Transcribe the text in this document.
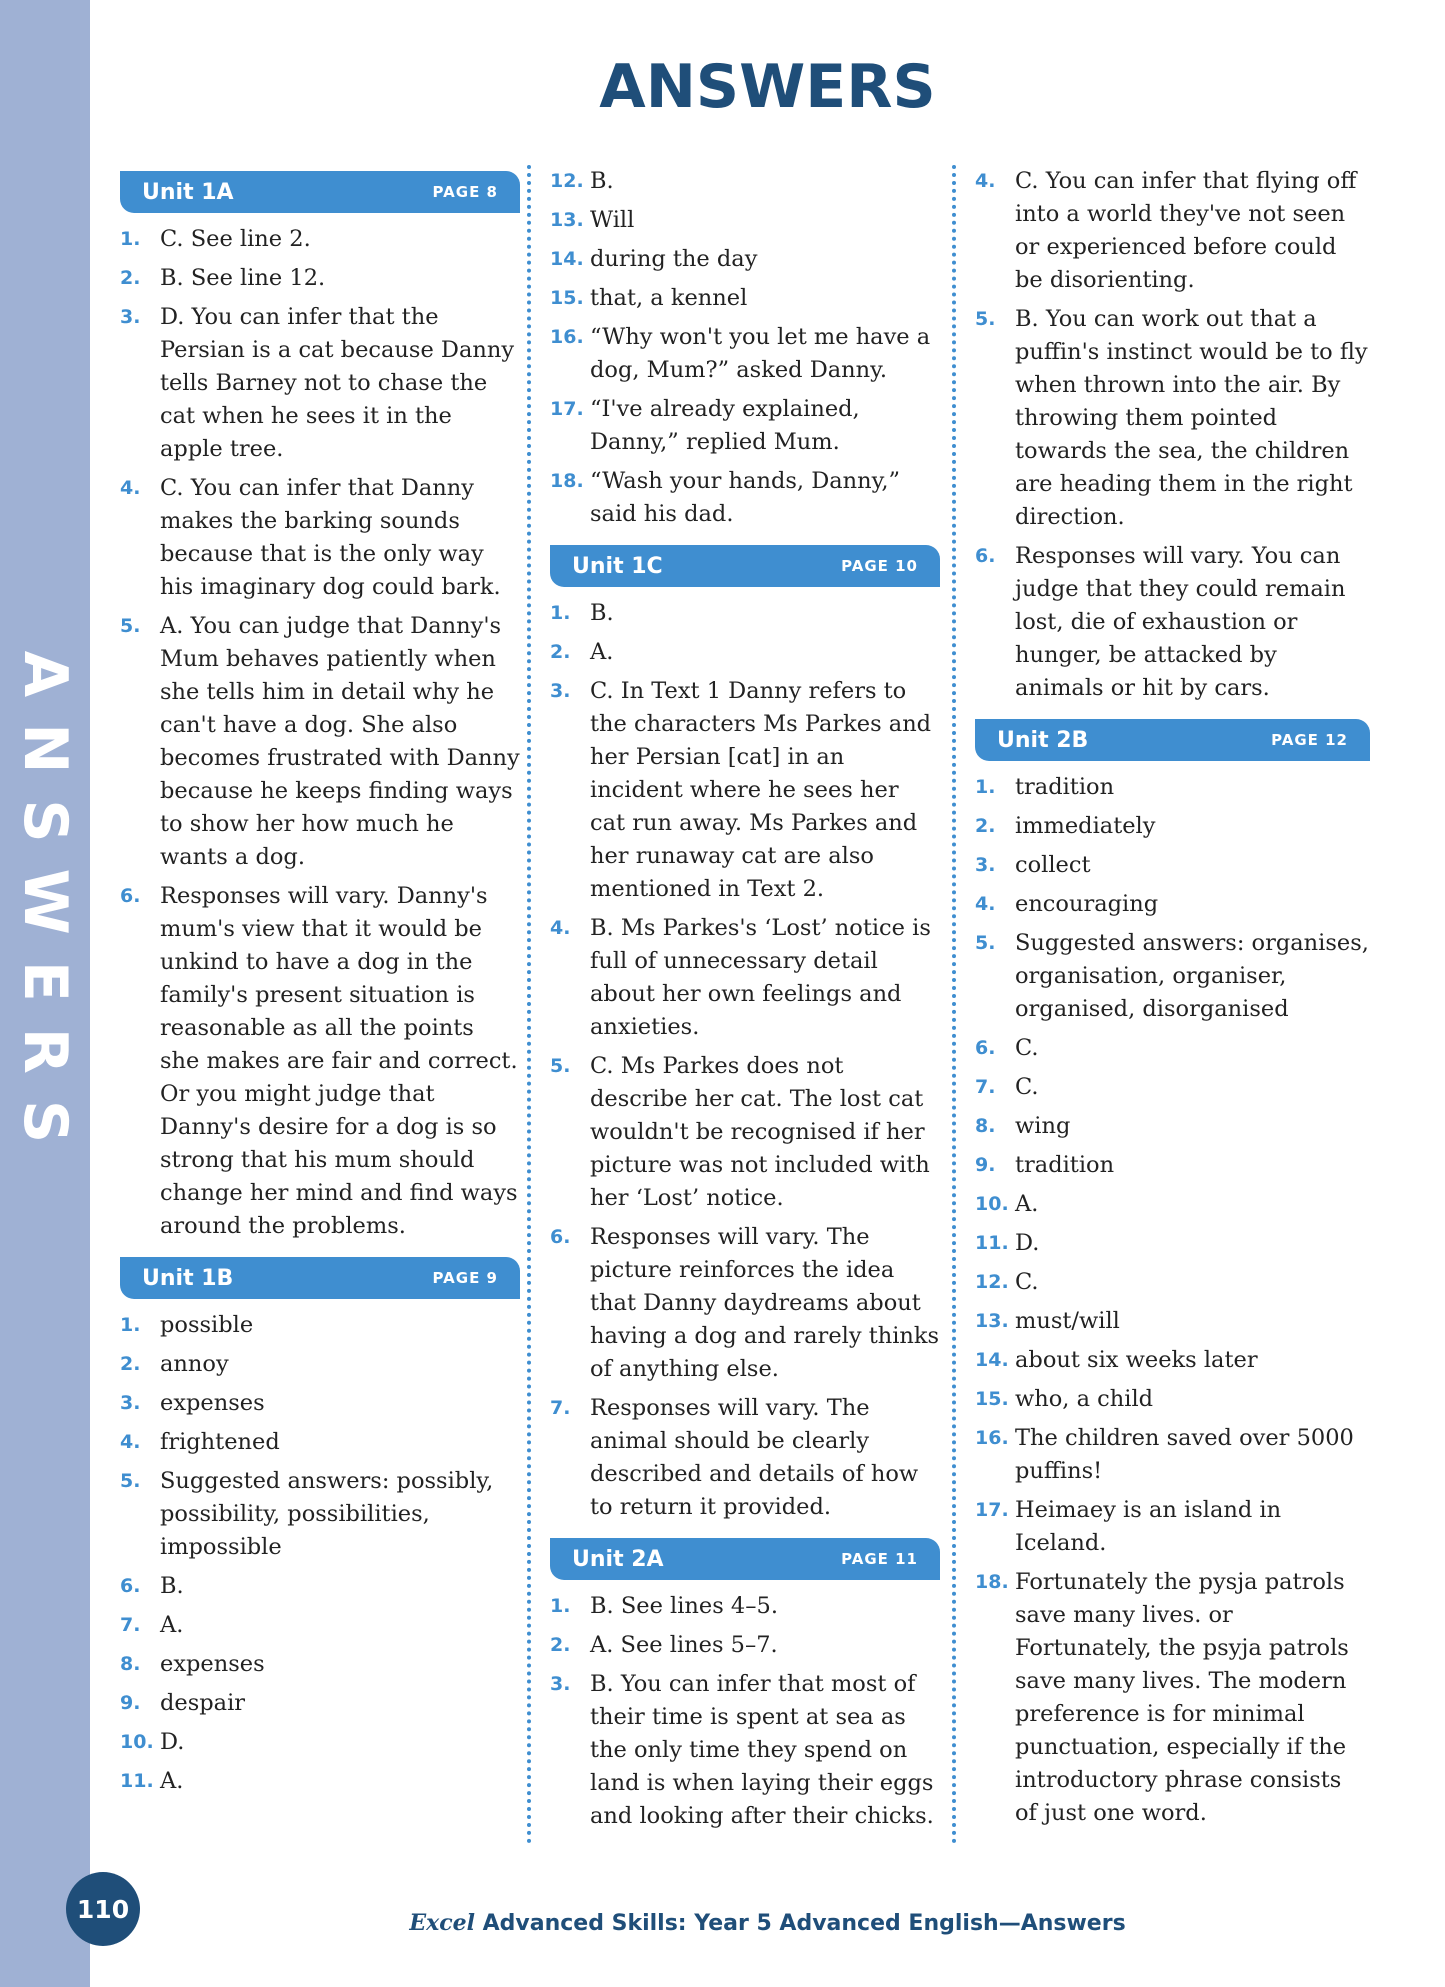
ANSWERS
ANSWERS
Unit 1A	PAGE 8
1. C. See line 2.
2. B. See line 12.
3. D. You can infer that the Persian is a cat because Danny tells Barney not to chase the cat when he sees it in the apple tree.
4. C. You can infer that Danny makes the barking sounds because that is the only way his imaginary dog could bark.
5. A. You can judge that Danny's Mum behaves patiently when she tells him in detail why he can't have a dog. She also becomes frustrated with Danny because he keeps finding ways to show her how much he wants a dog.
6. Responses will vary. Danny's mum's view that it would be unkind to have a dog in the family's present situation is reasonable as all the points she makes are fair and correct. Or you might judge that Danny's desire for a dog is so strong that his mum should change her mind and find ways around the problems.
Unit 1B	PAGE 9
1. possible
2. annoy
3. expenses
4. frightened
5. Suggested answers: possibly, possibility, possibilities, impossible
6. B.
7. A.
8. expenses
9. despair
10. D.
11. A.
12. B.
13. Will
14. during the day
15. that, a kennel
16. “Why won't you let me have a dog, Mum?” asked Danny.
17. “I've already explained, Danny,” replied Mum.
18. “Wash your hands, Danny,” said his dad.
Unit 1C	PAGE 10
1. B.
2. A.
3. C. In Text 1 Danny refers to the characters Ms Parkes and her Persian [cat] in an incident where he sees her cat run away. Ms Parkes and her runaway cat are also mentioned in Text 2.
4. B. Ms Parkes's ‘Lost’ notice is full of unnecessary detail about her own feelings and anxieties.
5. C. Ms Parkes does not describe her cat. The lost cat wouldn't be recognised if her picture was not included with her ‘Lost’ notice.
6. Responses will vary. The picture reinforces the idea that Danny daydreams about having a dog and rarely thinks of anything else.
7. Responses will vary. The animal should be clearly described and details of how to return it provided.
Unit 2A	PAGE 11
1. B. See lines 4–5.
2. A. See lines 5–7.
3. B. You can infer that most of their time is spent at sea as the only time they spend on land is when laying their eggs and looking after their chicks.
4. C. You can infer that flying off into a world they've not seen or experienced before could be disorienting.
5. B. You can work out that a puffin's instinct would be to fly when thrown into the air. By throwing them pointed towards the sea, the children are heading them in the right direction.
6. Responses will vary. You can judge that they could remain lost, die of exhaustion or hunger, be attacked by animals or hit by cars.
Unit 2B	PAGE 12
1. tradition
2. immediately
3. collect
4. encouraging
5. Suggested answers: organises, organisation, organiser, organised, disorganised
6. C.
7. C.
8. wing
9. tradition
10. A.
11. D.
12. C.
13. must/will
14. about six weeks later
15. who, a child
16. The children saved over 5000 puffins!
17. Heimaey is an island in Iceland.
18. Fortunately the pysja patrols save many lives. or Fortunately, the psyja patrols save many lives. The modern preference is for minimal punctuation, especially if the introductory phrase consists of just one word.
110	Excel Advanced Skills: Year 5 Advanced English—Answers
